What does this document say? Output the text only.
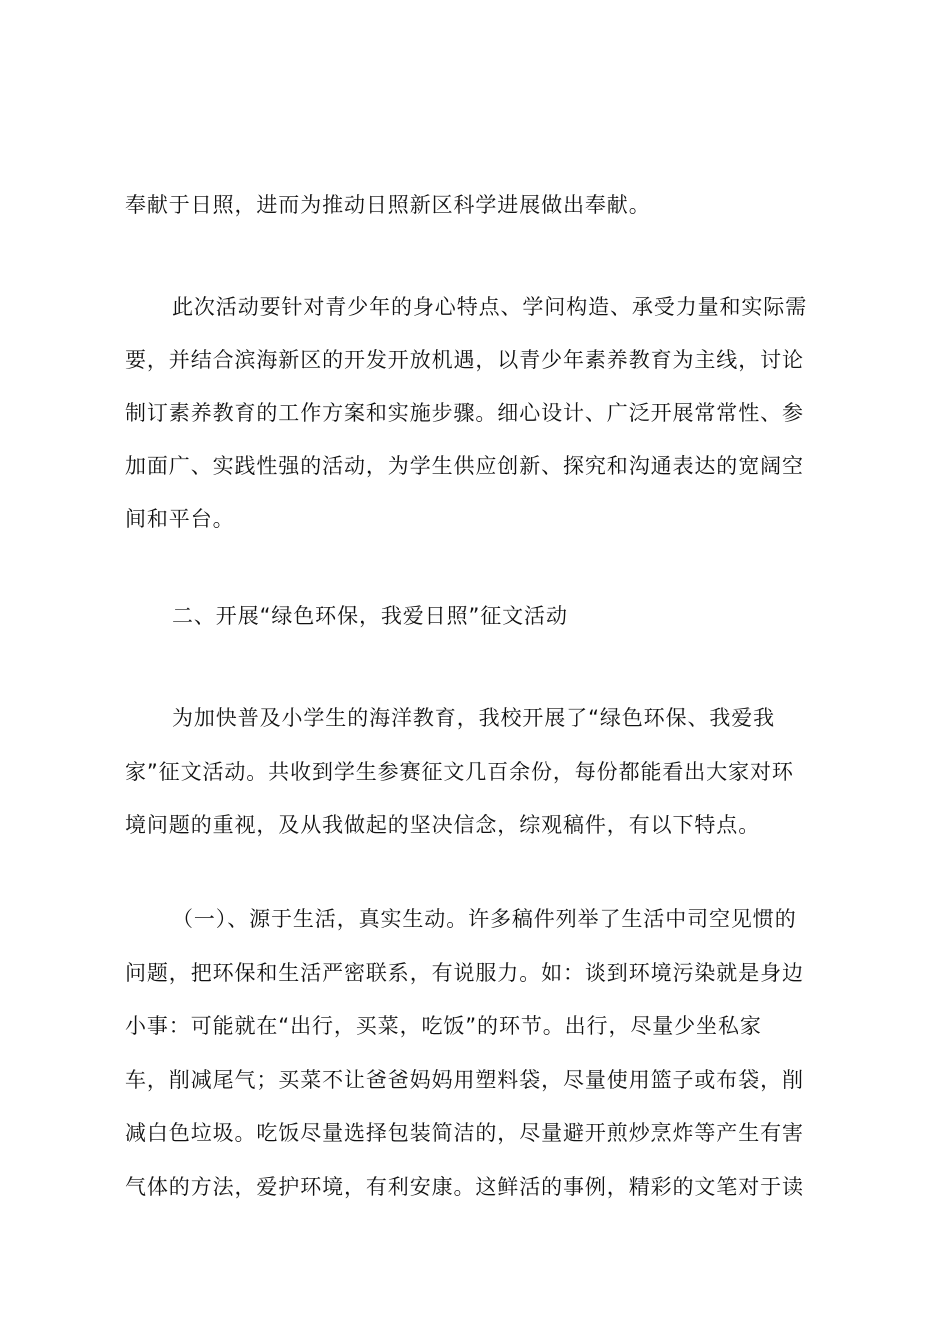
奉献于日照，进而为推动日照新区科学进展做出奉献。
此次活动要针对青少年的身心特点、学问构造、承受力量和实际需
要，并结合滨海新区的开发开放机遇，以青少年素养教育为主线，讨论
制订素养教育的工作方案和实施步骤。细心设计、广泛开展常常性、参
加面广、实践性强的活动，为学生供应创新、探究和沟通表达的宽阔空
间和平台。
二、开展“绿色环保，我爱日照”征文活动
为加快普及小学生的海洋教育，我校开展了“绿色环保、我爱我
家”征文活动。共收到学生参赛征文几百余份，每份都能看出大家对环
境问题的重视，及从我做起的坚决信念，综观稿件，有以下特点。
（一）、源于生活，真实生动。许多稿件列举了生活中司空见惯的
问题，把环保和生活严密联系，有说服力。如：谈到环境污染就是身边
小事：可能就在“出行，买菜，吃饭”的环节。出行，尽量少坐私家
车，削减尾气；买菜不让爸爸妈妈用塑料袋，尽量使用篮子或布袋，削
减白色垃圾。吃饭尽量选择包装简洁的，尽量避开煎炒烹炸等产生有害
气体的方法，爱护环境，有利安康。这鲜活的事例，精彩的文笔对于读
